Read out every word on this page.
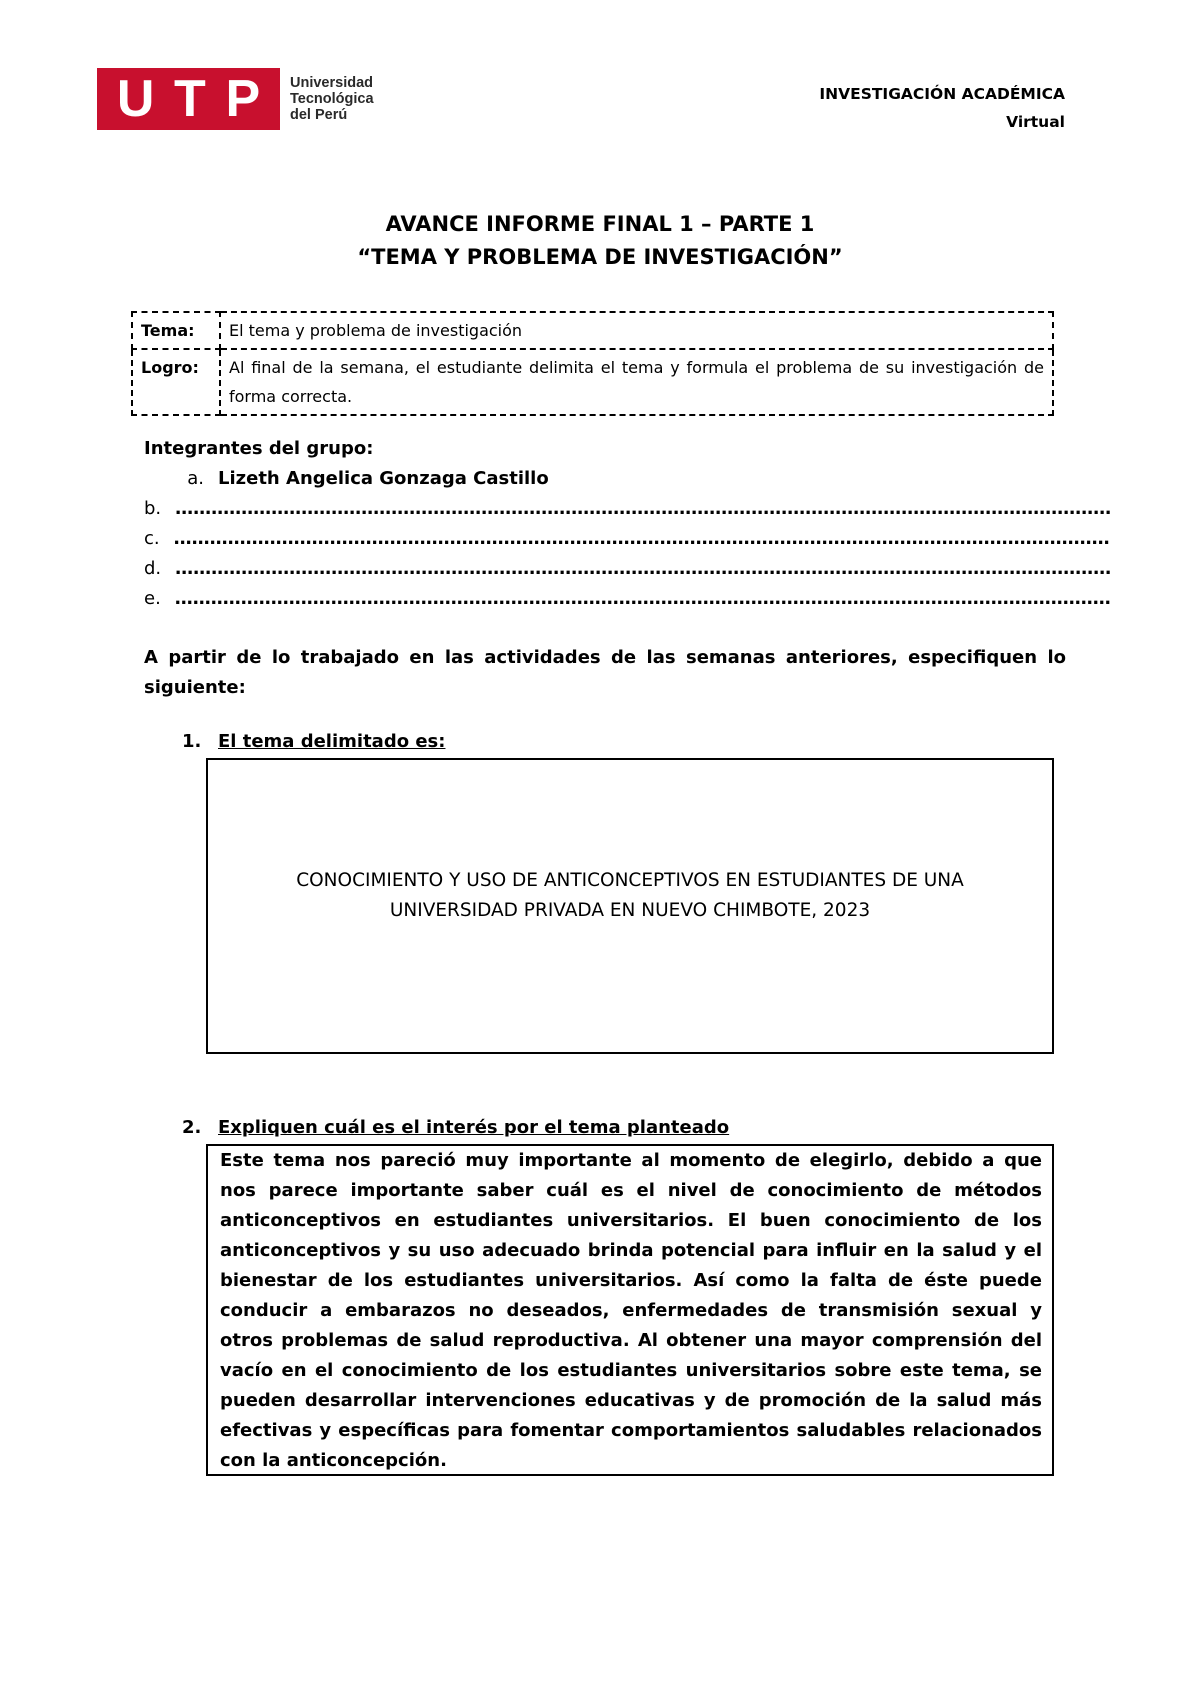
U T P Universidad
Tecnológica
del Perú
INVESTIGACIÓN ACADÉMICA
Virtual
AVANCE INFORME FINAL 1 – PARTE 1
“TEMA Y PROBLEMA DE INVESTIGACIÓN”
Tema:	El tema y problema de investigación
Logro:	Al final de la semana, el estudiante delimita el tema y formula el problema de su investigación de forma correcta.
Integrantes del grupo:
a. Lizeth Angelica Gonzaga Castillo
b. …………………………………………………………………………………………………………………………………………
c. …………………………………………………………………………………………………………………………………………
d. …………………………………………………………………………………………………………………………………………
e. …………………………………………………………………………………………………………………………………………
A partir de lo trabajado en las actividades de las semanas anteriores, especifiquen lo siguiente:
1. El tema delimitado es:
CONOCIMIENTO Y USO DE ANTICONCEPTIVOS EN ESTUDIANTES DE UNA UNIVERSIDAD PRIVADA EN NUEVO CHIMBOTE, 2023
2. Expliquen cuál es el interés por el tema planteado
Este tema nos pareció muy importante al momento de elegirlo, debido a que nos parece importante saber cuál es el nivel de conocimiento de métodos anticonceptivos en estudiantes universitarios. El buen conocimiento de los anticonceptivos y su uso adecuado brinda potencial para influir en la salud y el bienestar de los estudiantes universitarios. Así como la falta de éste puede conducir a embarazos no deseados, enfermedades de transmisión sexual y otros problemas de salud reproductiva. Al obtener una mayor comprensión del vacío en el conocimiento de los estudiantes universitarios sobre este tema, se pueden desarrollar intervenciones educativas y de promoción de la salud más efectivas y específicas para fomentar comportamientos saludables relacionados con la anticoncepción.
